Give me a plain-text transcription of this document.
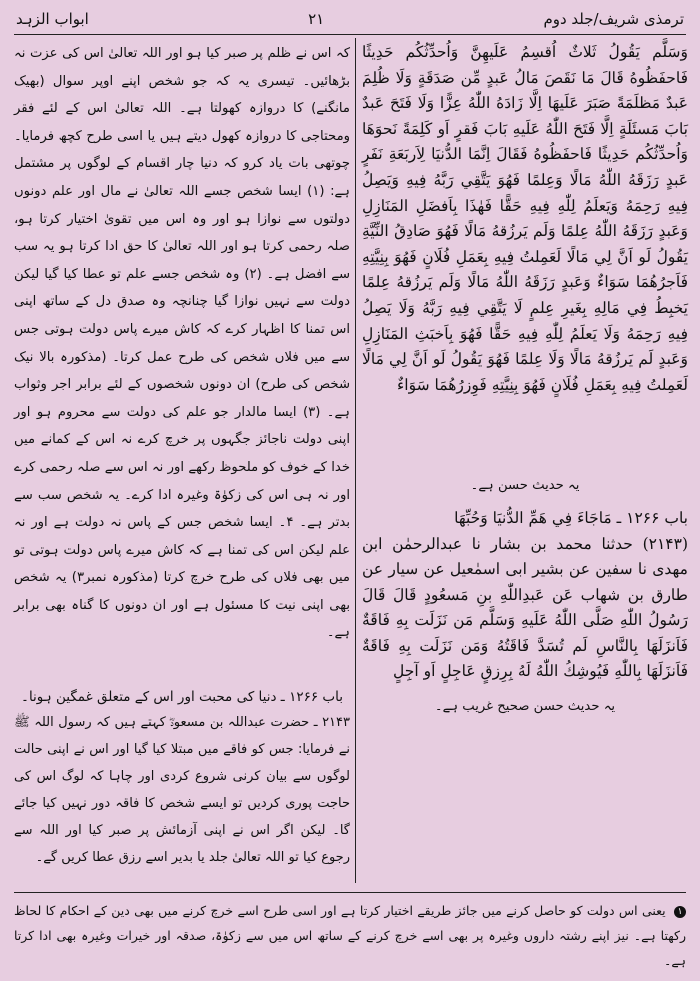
ترمذی شریف/جلد دوم
۲۱
ابواب الزہد

وَسَلَّم يَقُولُ ثَلاثٌ اُقسِمُ عَلَيهِنَّ وَاُحدِّثُكُم حَدِيثًا فَاحفَظُوهُ قَالَ مَا نَقَصَ مَالُ عَبدٍ مِّن صَدَقَةٍ وَلَا ظُلِمَ عَبدٌ مَظلَمَةً صَبَرَ عَلَيهَا اِلَّا زَادَهُ اللّٰهُ عِزًّا وَلَا فَتَحَ عَبدٌ بَابَ مَسئَلَةٍ اِلَّا فَتَحَ اللّٰهُ عَلَيهِ بَابَ فَقرٍ اَو كَلِمَةً نَحوَهَا وَاُحدِّثُكُم حَدِيثًا فَاحفَظُوهُ فَقَالَ اِنَّمَا الدُّنيَا لِاَربَعَةِ نَفَرٍ عَبدٍ رَزَقَهُ اللّٰهُ مَالًا وَعِلمًا فَهُوَ يَتَّقِي رَبَّهُ فِيهِ وَيَصِلُ فِيهِ رَحِمَهُ وَيَعلَمُ لِلّٰهِ فِيهِ حَقًّا فَهٰذَا بِاَفضَلِ المَنَازِلِ وَعَبدٍ رَزَقَهُ اللّٰهُ عِلمًا وَلَم يَرزُقهُ مَالًا فَهُوَ صَادِقُ النِّيَّةِ يَقُولُ لَو اَنَّ لِي مَالًا لَعَمِلتُ فِيهِ بِعَمَلِ فُلَانٍ فَهُوَ بِنِيَّتِهِ فَاَجرُهُمَا سَوَاءٌ وَعَبدٍ رَزَقَهُ اللّٰهُ مَالًا وَلَم يَرزُقهُ عِلمًا يَخبِطُ فِي مَالِهِ بِغَيرِ عِلمٍ لَا يَتَّقِي فِيهِ رَبَّهُ وَلَا يَصِلُ فِيهِ رَحِمَهُ وَلَا يَعلَمُ لِلّٰهِ فِيهِ حَقًّا فَهُوَ بِاَخبَثِ المَنَازِلِ وَعَبدٍ لَم يَرزُقهُ مَالًا وَلَا عِلمًا فَهُوَ يَقُولُ لَو اَنَّ لِي مَالًا لَعَمِلتُ فِيهِ بِعَمَلِ فُلَانٍ فَهُوَ بِنِيَّتِهِ فَوِزرُهُمَا سَوَاءٌ

یہ حدیث حسن ہے۔

باب ۱۲۶۶ ـ مَاجَاءَ فِي هَمِّ الدُّنيَا وَحُبِّهَا

(۲۱۴۳) حدثنا محمد بن بشار نا عبدالرحمٰن ابن مهدی نا سفین عن بشیر ابی اسمٰعیل عن سیار عن طارق بن شهاب عَن عَبدِاللّٰهِ بنِ مَسعُودٍ قَالَ قَالَ رَسُولُ اللّٰهِ صَلَّى اللّٰهُ عَلَيهِ وَسَلَّم مَن نَزَلَت بِهِ فَاقَةٌ فَاَنزَلَهَا بِالنَّاسِ لَم تُسَدَّ فَاقَتُهُ وَمَن نَزَلَت بِهِ فَاقَةٌ فَاَنزَلَهَا بِاللّٰهِ فَيُوشِكُ اللّٰهُ لَهُ بِرِزقٍ عَاجِلٍ اَو آجِلٍ

یہ حدیث حسن صحیح غریب ہے۔

کہ اس نے ظلم پر صبر کیا ہو اور اللہ تعالیٰ اس کی عزت نہ بڑھائیں۔ تیسری یہ کہ جو شخص اپنے اوپر سوال (بھیک مانگنے) کا دروازہ کھولتا ہے۔ اللہ تعالیٰ اس کے لئے فقر ومحتاجی کا دروازہ کھول دیتے ہیں یا اسی طرح کچھ فرمایا۔ چوتھی بات یاد کرو کہ دنیا چار اقسام کے لوگوں پر مشتمل ہے: (۱) ایسا شخص جسے اللہ تعالیٰ نے مال اور علم دونوں دولتوں سے نوازا ہو اور وہ اس میں تقویٰ اختیار کرتا ہو، صلہ رحمی کرتا ہو اور اللہ تعالیٰ کا حق ادا کرتا ہو یہ سب سے افضل ہے۔ (۲) وہ شخص جسے علم تو عطا کیا گیا لیکن دولت سے نہیں نوازا گیا چنانچہ وہ صدق دل کے ساتھ اپنی اس تمنا کا اظہار کرے کہ کاش میرے پاس دولت ہوتی جس سے میں فلاں شخص کی طرح عمل کرتا۔ (مذکورہ بالا نیک شخص کی طرح) ان دونوں شخصوں کے لئے برابر اجر وثواب ہے۔ (۳) ایسا مالدار جو علم کی دولت سے محروم ہو اور اپنی دولت ناجائز جگہوں پر خرچ کرے نہ اس کے کمانے میں خدا کے خوف کو ملحوظ رکھے اور نہ اس سے صلہ رحمی کرے اور نہ ہی اس کی زکوٰۃ وغیرہ ادا کرے۔ یہ شخص سب سے بدتر ہے۔ ۴۔ ایسا شخص جس کے پاس نہ دولت ہے اور نہ علم لیکن اس کی تمنا ہے کہ کاش میرے پاس دولت ہوتی تو میں بھی فلاں کی طرح خرچ کرتا (مذکورہ نمبر۳) یہ شخص بھی اپنی نیت کا مسئول ہے اور ان دونوں کا گناہ بھی برابر ہے۔

باب ۱۲۶۶ ـ دنیا کی محبت اور اس کے متعلق غمگین ہونا۔

۲۱۴۳ ـ حضرت عبداللہ بن مسعودؓ کہتے ہیں کہ رسول اللہ ﷺ نے فرمایا: جس کو فاقے میں مبتلا کیا گیا اور اس نے اپنی حالت لوگوں سے بیان کرنی شروع کردی اور چاہا کہ لوگ اس کی حاجت پوری کردیں تو ایسے شخص کا فاقہ دور نہیں کیا جائے گا۔ لیکن اگر اس نے اپنی آزمائش پر صبر کیا اور اللہ سے رجوع کیا تو اللہ تعالیٰ جلد یا بدیر اسے رزق عطا کریں گے۔

۱ یعنی اس دولت کو حاصل کرنے میں جائز طریقے اختیار کرتا ہے اور اسی طرح اسے خرچ کرنے میں بھی دین کے احکام کا لحاظ رکھتا ہے۔ نیز اپنے رشتہ داروں وغیرہ پر بھی اسے خرچ کرنے کے ساتھ اس میں سے زکوٰۃ، صدقہ اور خیرات وغیرہ بھی ادا کرتا ہے۔
